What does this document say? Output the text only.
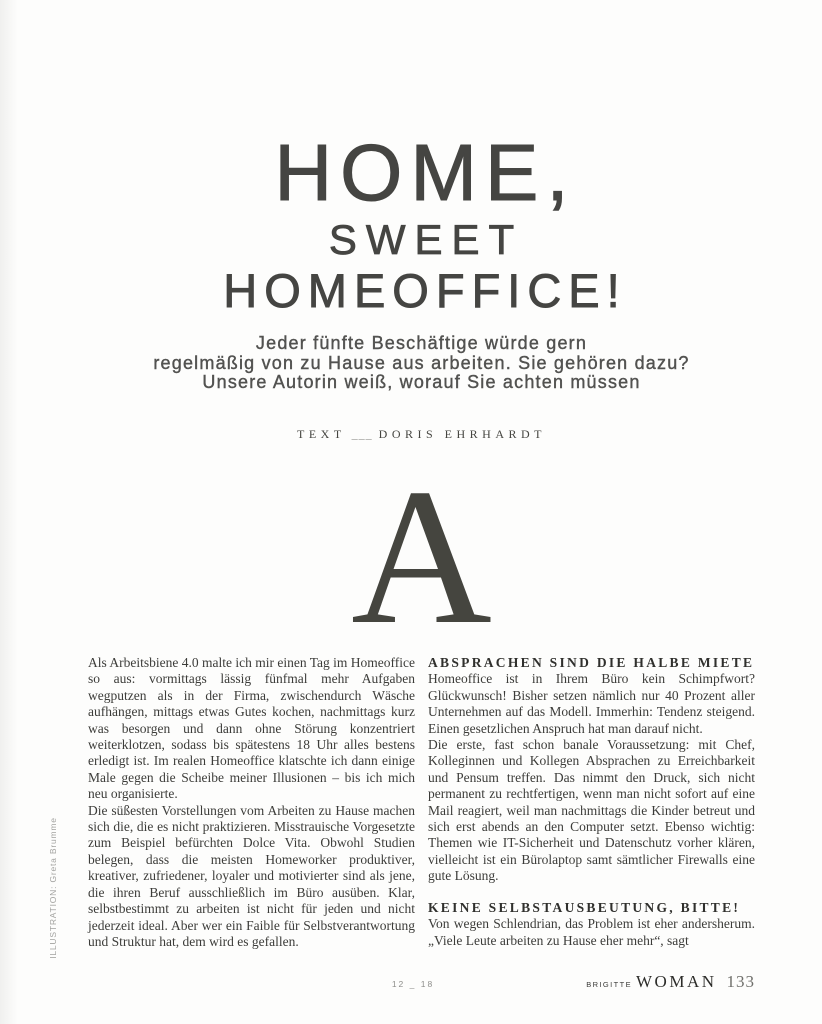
ILLUSTRATION: Greta Brumme
HOME,
SWEET
HOMEOFFICE!
Jeder fünfte Beschäftige würde gern
regelmäßig von zu Hause aus arbeiten. Sie gehören dazu?
Unsere Autorin weiß, worauf Sie achten müssen
TEXT ___ DORIS EHRHARDT
A

Als Arbeitsbiene 4.0 malte ich mir einen Tag im Homeoffice so aus: vormittags lässig fünfmal mehr Aufgaben wegputzen als in der Firma, zwischendurch Wäsche aufhängen, mittags etwas Gutes kochen, nachmittags kurz was besorgen und dann ohne Störung konzentriert weiterklotzen, sodass bis spätestens 18 Uhr alles bestens erledigt ist. Im realen Homeoffice klatschte ich dann einige Male gegen die Scheibe meiner Illusionen – bis ich mich neu organisierte.

Die süßesten Vorstellungen vom Arbeiten zu Hause machen sich die, die es nicht praktizieren. Misstrauische Vorgesetzte zum Beispiel befürchten Dolce Vita. Obwohl Studien belegen, dass die meisten Homeworker produktiver, kreativer, zufriedener, loyaler und motivierter sind als jene, die ihren Beruf ausschließlich im Büro ausüben. Klar, selbstbestimmt zu arbeiten ist nicht für jeden und nicht jederzeit ideal. Aber wer ein Faible für Selbstverantwortung und Struktur hat, dem wird es gefallen.

ABSPRACHEN SIND DIE HALBE MIETE

Homeoffice ist in Ihrem Büro kein Schimpfwort? Glückwunsch! Bisher setzen nämlich nur 40 Prozent aller Unternehmen auf das Modell. Immerhin: Tendenz steigend. Einen gesetzlichen Anspruch hat man darauf nicht.

Die erste, fast schon banale Voraussetzung: mit Chef, Kolleginnen und Kollegen Absprachen zu Erreichbarkeit und Pensum treffen. Das nimmt den Druck, sich nicht permanent zu rechtfertigen, wenn man nicht sofort auf eine Mail reagiert, weil man nachmittags die Kinder betreut und sich erst abends an den Computer setzt. Ebenso wichtig: Themen wie IT-Sicherheit und Datenschutz vorher klären, vielleicht ist ein Bürolaptop samt sämtlicher Firewalls eine gute Lösung.

KEINE SELBSTAUSBEUTUNG, BITTE!

Von wegen Schlendrian, das Problem ist eher andersherum. „Viele Leute arbeiten zu Hause eher mehr“, sagt

12 _ 18	BRIGITTE WOMAN 133
